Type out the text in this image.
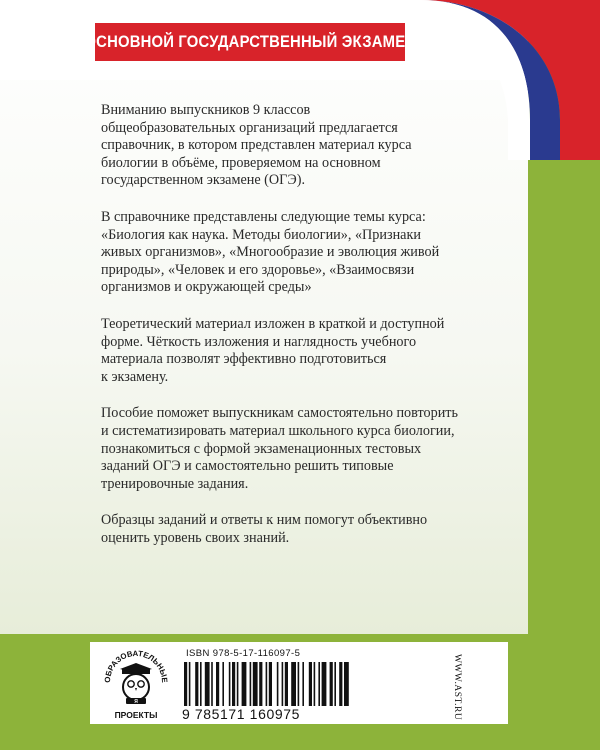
ОСНОВНОЙ ГОСУДАРСТВЕННЫЙ ЭКЗАМЕН

Вниманию выпускников 9 классов
общеобразовательных организаций предлагается
справочник, в котором представлен материал курса
биологии в объёме, проверяемом на основном
государственном экзамене (ОГЭ).

В справочнике представлены следующие темы курса:
«Биология как наука. Методы биологии», «Признаки
живых организмов», «Многообразие и эволюция живой
природы», «Человек и его здоровье», «Взаимосвязи
организмов и окружающей среды»

Теоретический материал изложен в краткой и доступной
форме. Чёткость изложения и наглядность учебного
материала позволят эффективно подготовиться
к экзамену.

Пособие поможет выпускникам самостоятельно повторить
и систематизировать материал школьного курса биологии,
познакомиться с формой экзаменационных тестовых
заданий ОГЭ и самостоятельно решить типовые
тренировочные задания.

Образцы заданий и ответы к ним помогут объективно
оценить уровень своих знаний.

ОБРАЗОВАТЕЛЬНЫЕ
Я
ПРОЕКТЫ
ISBN 978-5-17-116097-5
9 785171 160975	WWW.AST.RU
